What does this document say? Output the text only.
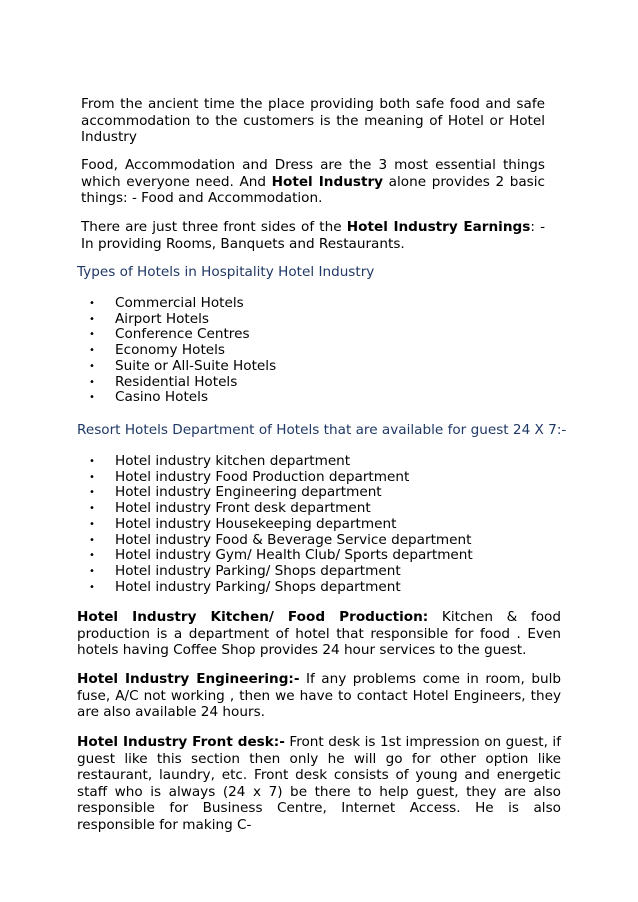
From the ancient time the place providing both safe food and safe accommodation to the customers is the meaning of Hotel or Hotel Industry

Food, Accommodation and Dress are the 3 most essential things which everyone need. And Hotel Industry alone provides 2 basic things: - Food and Accommodation.

There are just three front sides of the Hotel Industry Earnings: - In providing Rooms, Banquets and Restaurants.

Types of Hotels in Hospitality Hotel Industry

• Commercial Hotels
• Airport Hotels
• Conference Centres
• Economy Hotels
• Suite or All-Suite Hotels
• Residential Hotels
• Casino Hotels

Resort Hotels Department of Hotels that are available for guest 24 X 7:-

• Hotel industry kitchen department
• Hotel industry Food Production department
• Hotel industry Engineering department
• Hotel industry Front desk department
• Hotel industry Housekeeping department
• Hotel industry Food & Beverage Service department
• Hotel industry Gym/ Health Club/ Sports department
• Hotel industry Parking/ Shops department
• Hotel industry Parking/ Shops department

Hotel Industry Kitchen/ Food Production: Kitchen & food production is a department of hotel that responsible for food . Even hotels having Coffee Shop provides 24 hour services to the guest.

Hotel Industry Engineering:- If any problems come in room, bulb fuse, A/C not working , then we have to contact Hotel Engineers, they are also available 24 hours.

Hotel Industry Front desk:- Front desk is 1st impression on guest, if guest like this section then only he will go for other option like restaurant, laundry, etc. Front desk consists of young and energetic staff who is always (24 x 7) be there to help guest, they are also responsible for Business Centre, Internet Access. He is also responsible for making C-
